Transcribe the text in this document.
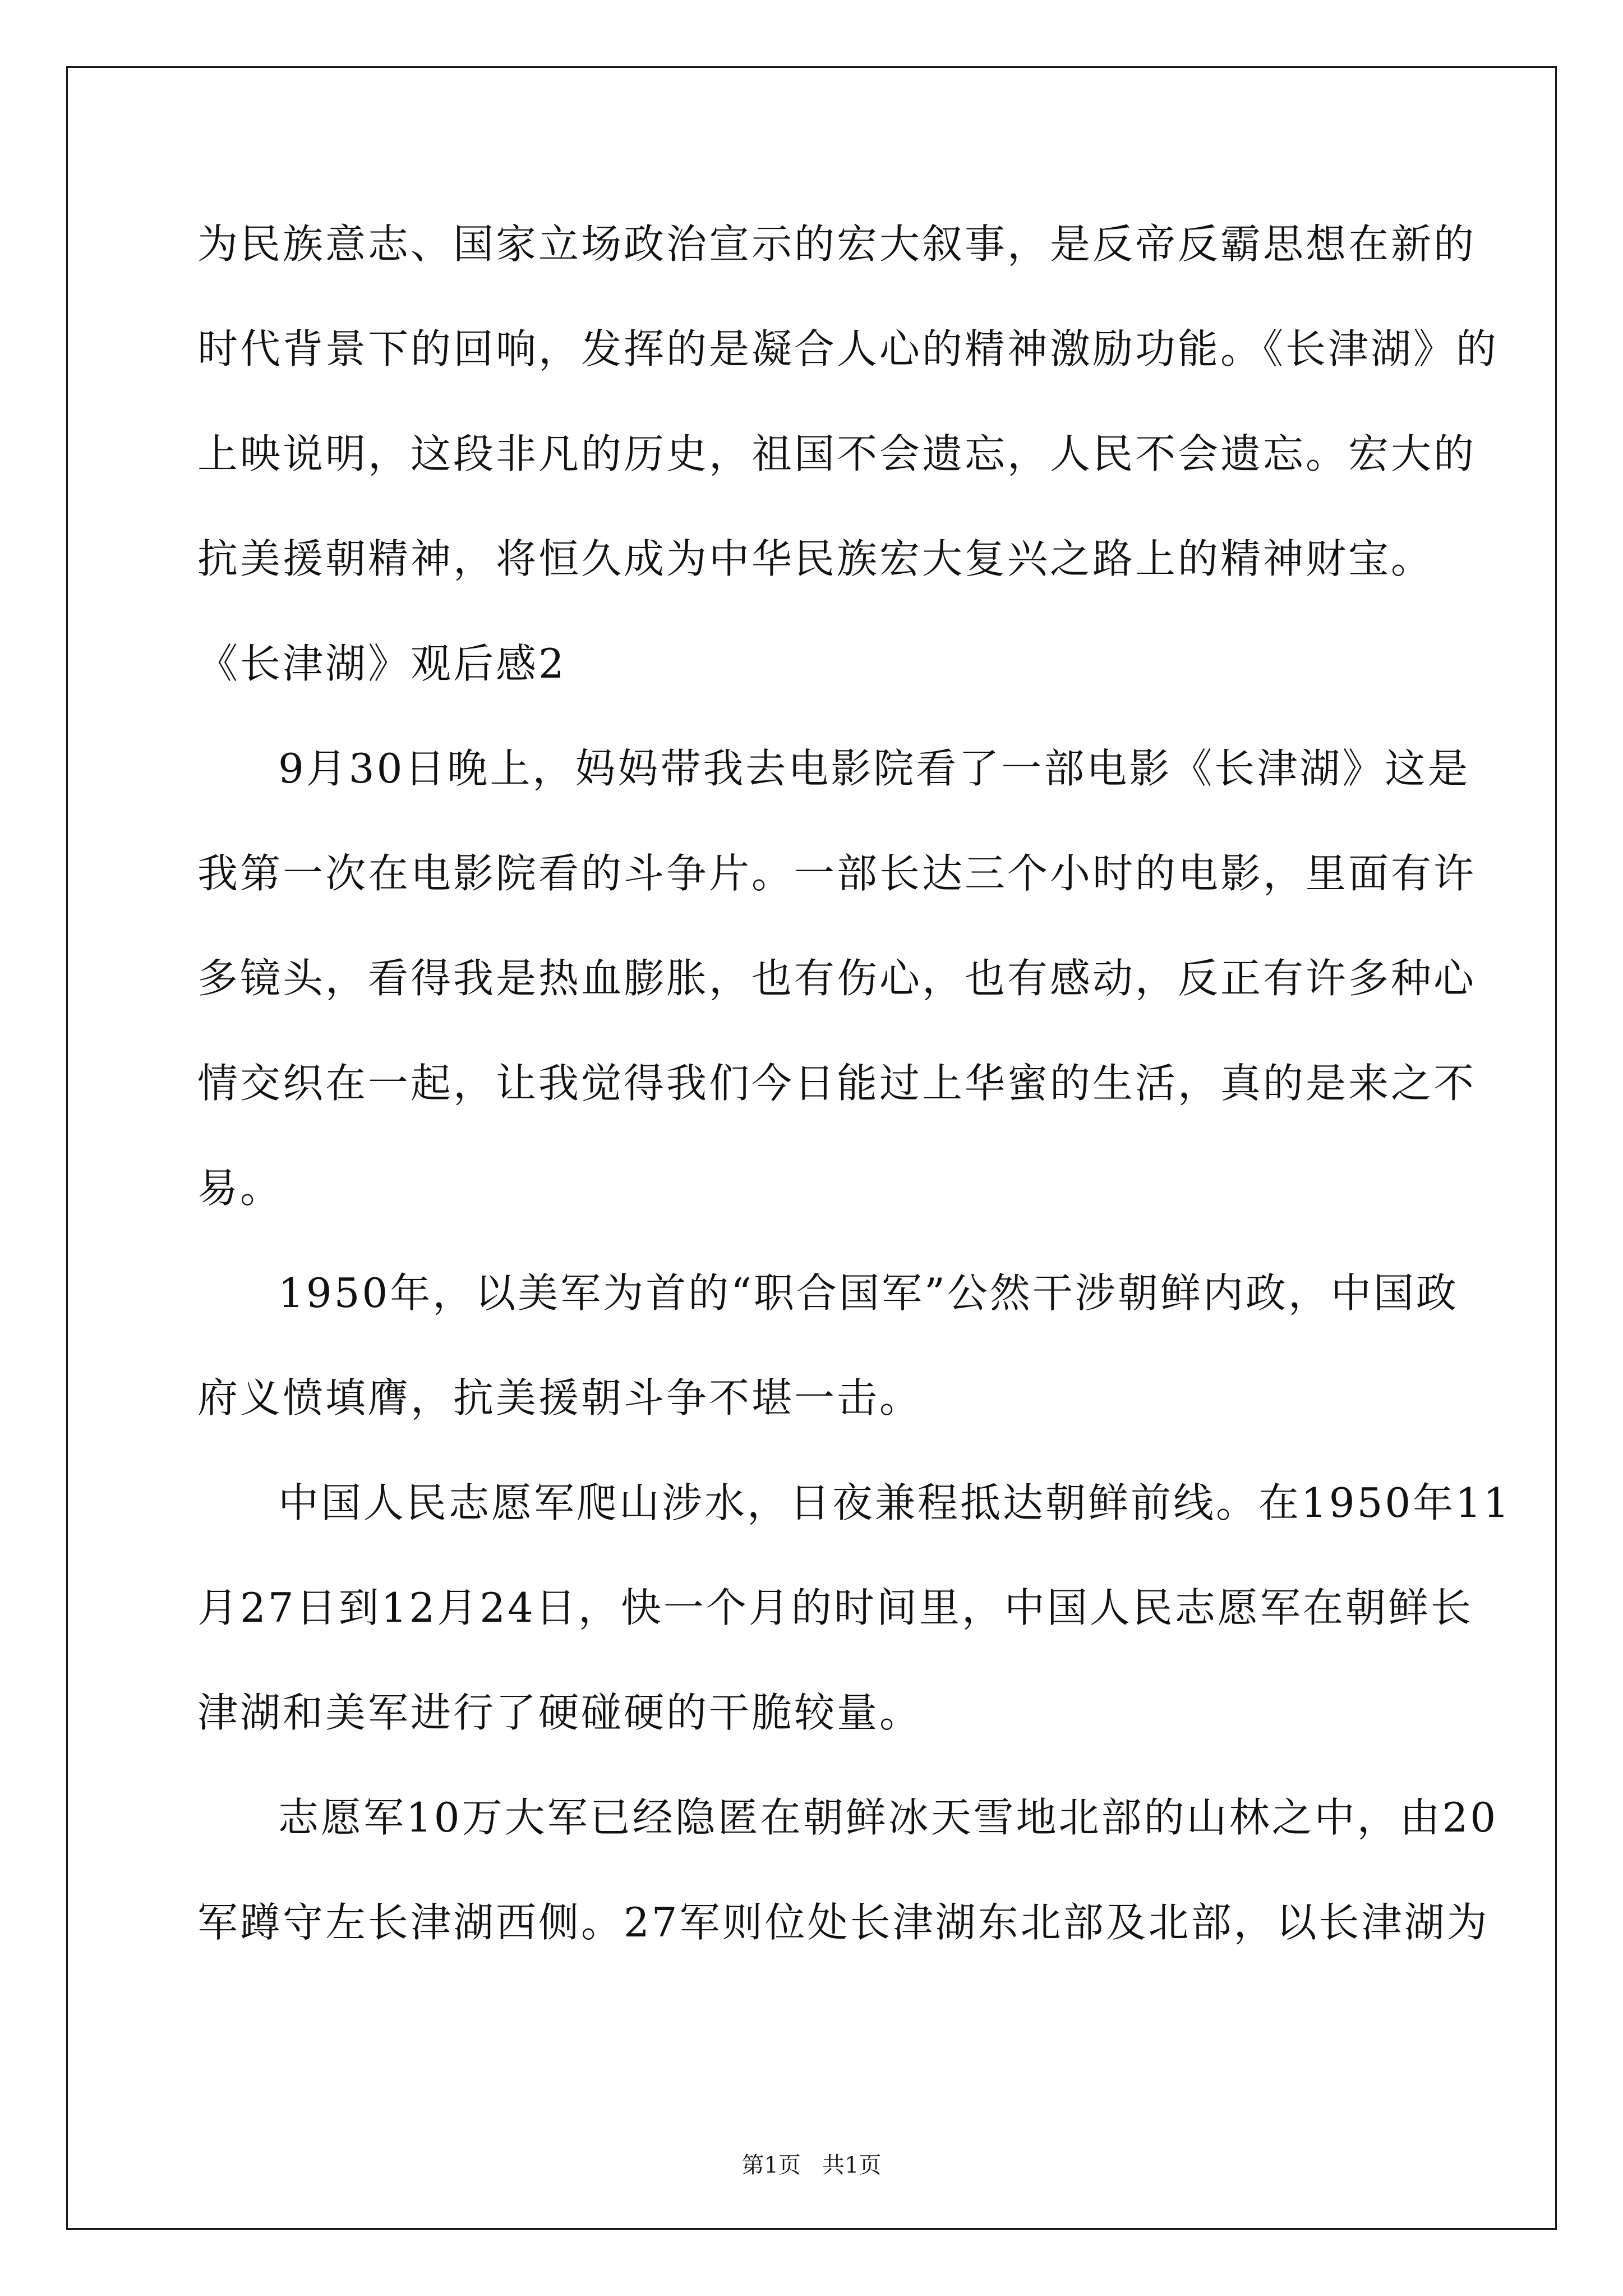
为民族意志、国家立场政治宣示的宏大叙事，是反帝反霸思想在新的
时代背景下的回响，发挥的是凝合人心的精神激励功能。《长津湖》的
上映说明，这段非凡的历史，祖国不会遗忘，人民不会遗忘。宏大的
抗美援朝精神，将恒久成为中华民族宏大复兴之路上的精神财宝。
《长津湖》观后感2
9月30日晚上，妈妈带我去电影院看了一部电影《长津湖》这是
我第一次在电影院看的斗争片。一部长达三个小时的电影，里面有许
多镜头，看得我是热血膨胀，也有伤心，也有感动，反正有许多种心
情交织在一起，让我觉得我们今日能过上华蜜的生活，真的是来之不
易。
1950年，以美军为首的“职合国军”公然干涉朝鲜内政，中国政
府义愤填膺，抗美援朝斗争不堪一击。
中国人民志愿军爬山涉水，日夜兼程抵达朝鲜前线。在1950年11
月27日到12月24日，快一个月的时间里，中国人民志愿军在朝鲜长
津湖和美军进行了硬碰硬的干脆较量。
志愿军10万大军已经隐匿在朝鲜冰天雪地北部的山林之中，由20
军蹲守左长津湖西侧。27军则位处长津湖东北部及北部，以长津湖为
第1页   共1页
